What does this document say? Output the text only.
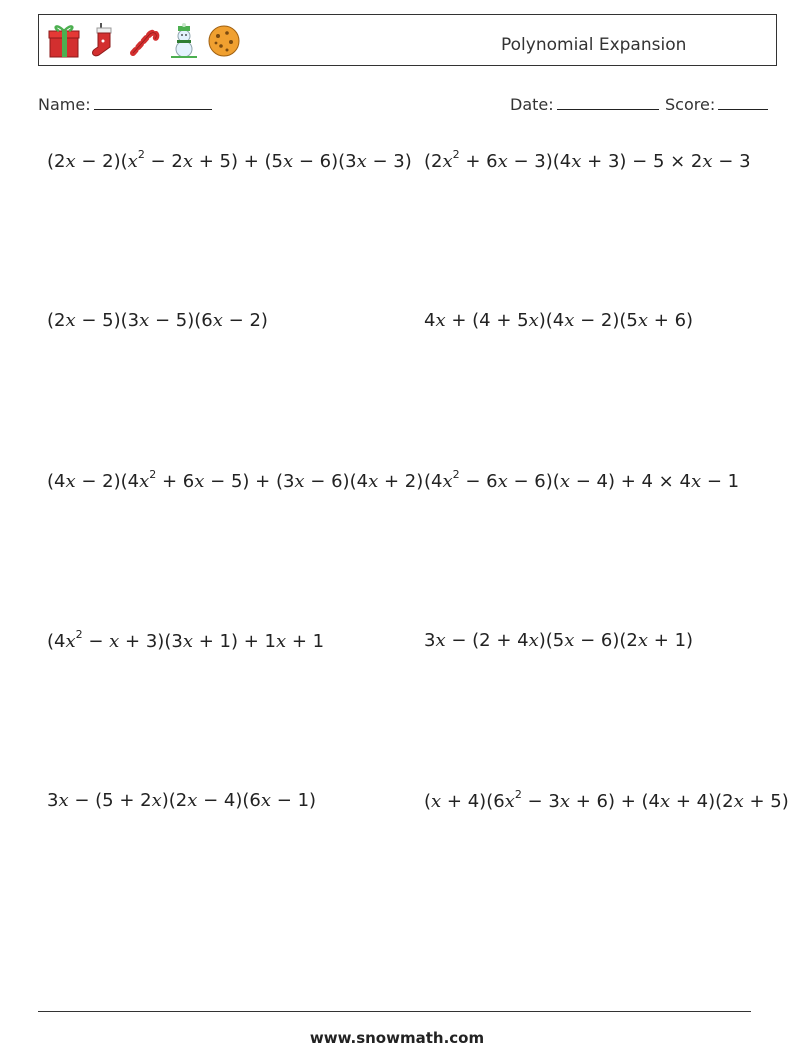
Polynomial Expansion
Name:	Date:	Score:
$(2x - 2)(x^2 - 2x + 5) + (5x - 6)(3x - 3)$ $(2x^2 + 6x - 3)(4x + 3) - 5 \times 2x - 3$
(2x − 5)(3x − 5)(6x − 2)	4x + (4 + 5x)(4x − 2)(5x + 6)
$(4x - 2)(4x^2 + 6x - 5) + (3x - 6)(4x + 2)$ $(4x^2 - 6x - 6)(x - 4) + 4 \times 4x - 1$
$(4x^2 - x + 3)(3x + 1) + 1x + 1$	3x − (2 + 4x)(5x − 6)(2x + 1)
3x − (5 + 2x)(2x − 4)(6x − 1)	$(x + 4)(6x^2 - 3x + 6) + (4x + 4)(2x + 5)$
www.snowmath.com
